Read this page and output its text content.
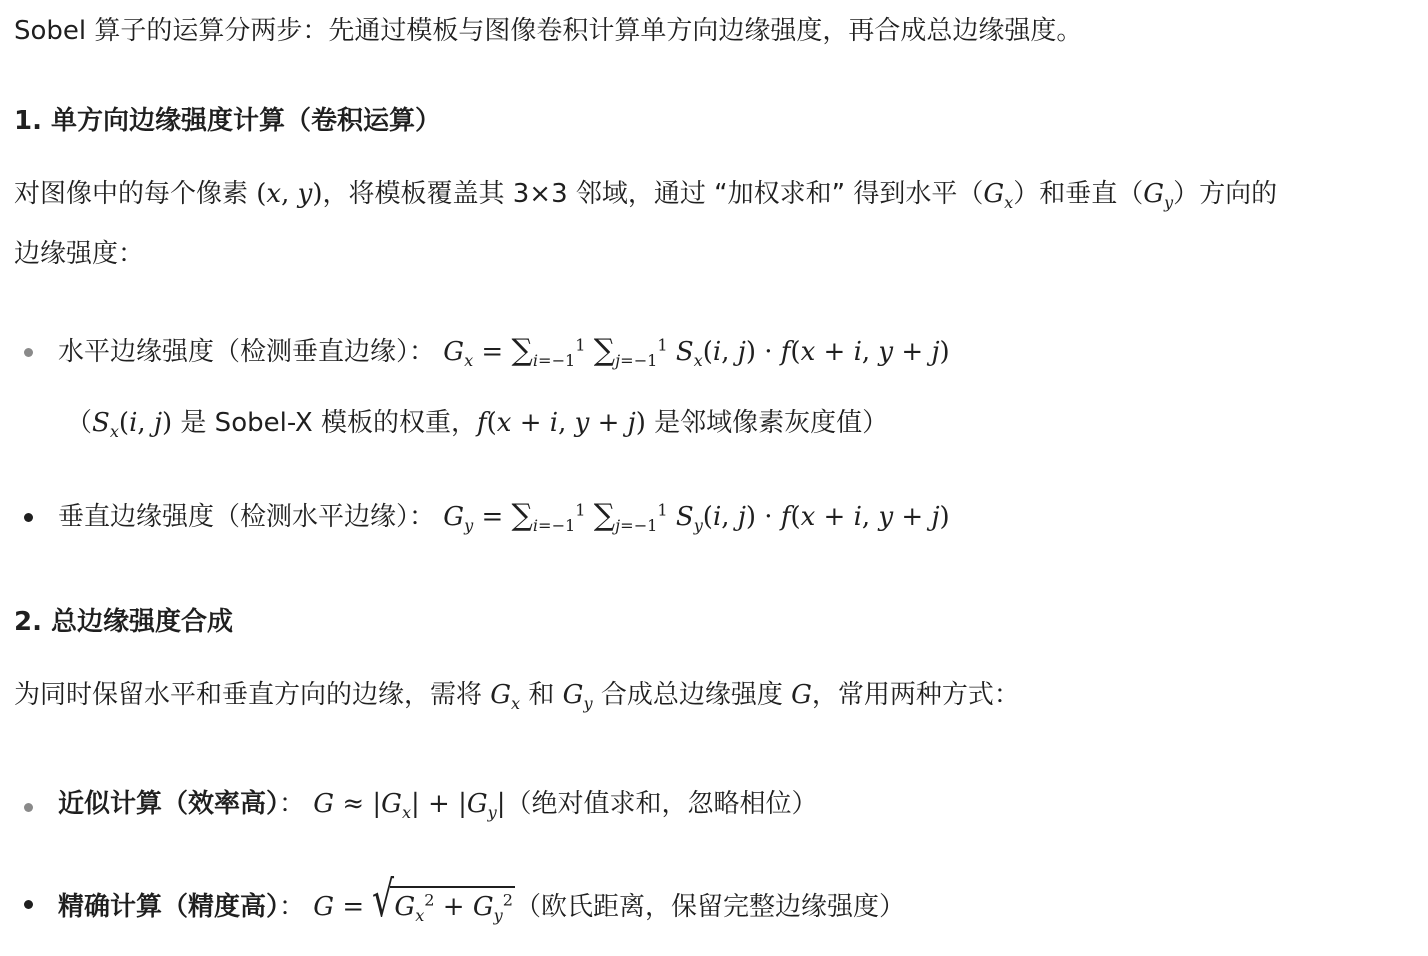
Sobel 算子的运算分两步：先通过模板与图像卷积计算单方向边缘强度，再合成总边缘强度。
1. 单方向边缘强度计算（卷积运算）
对图像中的每个像素 (x, y)，将模板覆盖其 3×3 邻域，通过 “加权求和” 得到水平$(G_x)$和垂直$(G_y)$方向的
边缘强度：
水平边缘强度（检测垂直边缘）： $G_x = \sum_{i=-1}^1$ $\sum_{j=-1}^1$ $S_x(i$, j) · f(x + i, y + j)
（$S_x(i$, j) 是 Sobel-X 模板的权重，f(x + i, y + j) 是邻域像素灰度值）
垂直边缘强度（检测水平边缘）： $G_y = \sum_{i=-1}^1$ $\sum_{j=-1}^1$ $S_y(i$, j) · f(x + i, y + j)
2. 总边缘强度合成
为同时保留水平和垂直方向的边缘，需将 $G_x$ 和 $G_y$ 合成总边缘强度 G，常用两种方式：
近似计算（效率高）： $G \approx |G_x| + |G_y|$（绝对值求和，忽略相位）
精确计算（精度高）： G = √ $G_x^2 + G_y^2$（欧氏距离，保留完整边缘强度）
